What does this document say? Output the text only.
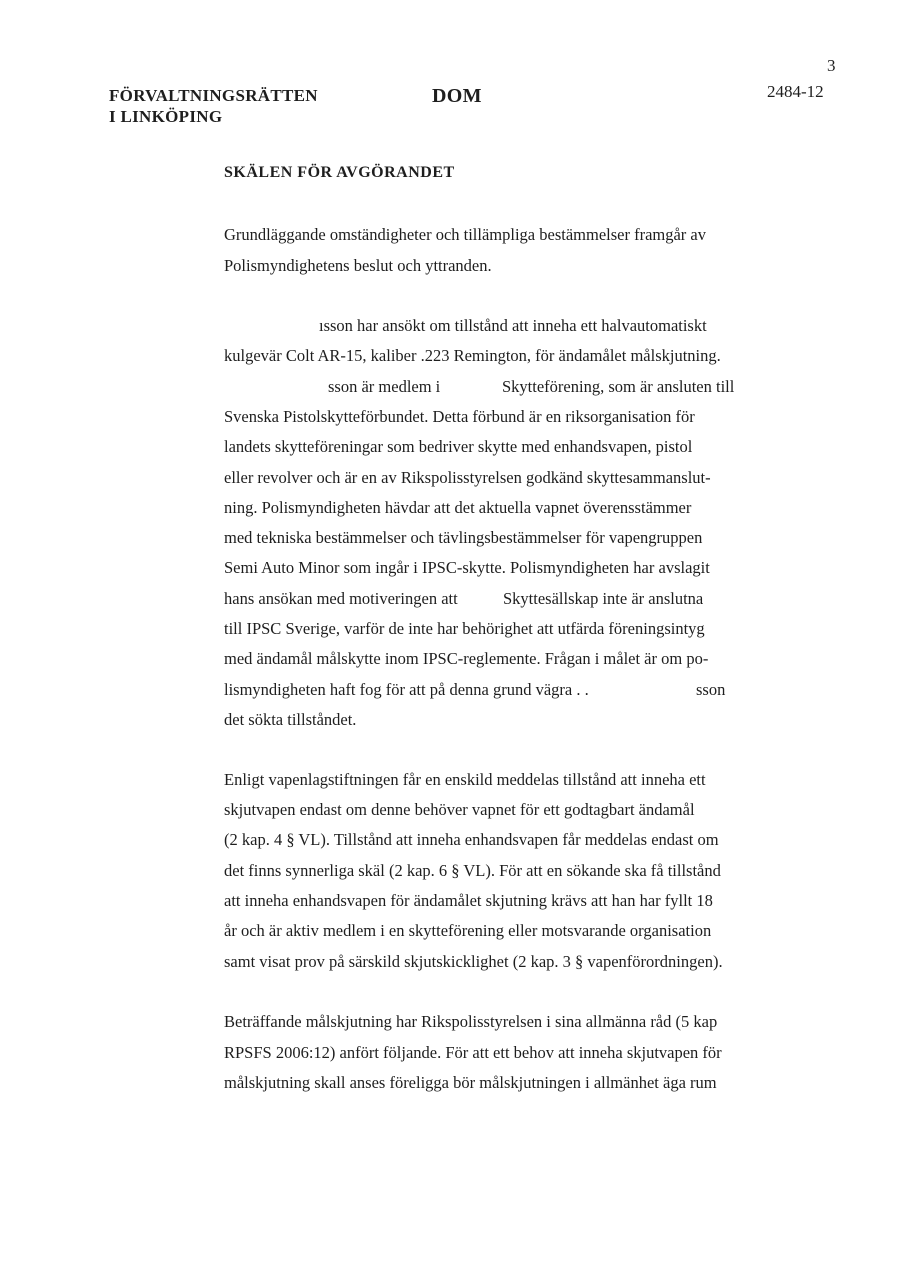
3
FÖRVALTNINGSRÄTTEN
I LINKÖPING
DOM	2484-12
SKÄLEN FÖR AVGÖRANDET
Grundläggande omständigheter och tillämpliga bestämmelser framgår av
Polismyndighetens beslut och yttranden.
ısson har ansökt om tillstånd att inneha ett halvautomatiskt
kulgevär Colt AR-15, kaliber .223 Remington, för ändamålet målskjutning.
sson är medlem i	Skytteförening, som är ansluten till
Svenska Pistolskytteförbundet. Detta förbund är en riksorganisation för
landets skytteföreningar som bedriver skytte med enhandsvapen, pistol
eller revolver och är en av Rikspolisstyrelsen godkänd skyttesammanslut-
ning. Polismyndigheten hävdar att det aktuella vapnet överensstämmer
med tekniska bestämmelser och tävlingsbestämmelser för vapengruppen
Semi Auto Minor som ingår i IPSC-skytte. Polismyndigheten har avslagit
hans ansökan med motiveringen att	Skyttesällskap inte är anslutna
till IPSC Sverige, varför de inte har behörighet att utfärda föreningsintyg
med ändamål målskytte inom IPSC-reglemente. Frågan i målet är om po-
lismyndigheten haft fog för att på denna grund vägra . .	sson
det sökta tillståndet.
Enligt vapenlagstiftningen får en enskild meddelas tillstånd att inneha ett
skjutvapen endast om denne behöver vapnet för ett godtagbart ändamål
(2 kap. 4 § VL). Tillstånd att inneha enhandsvapen får meddelas endast om
det finns synnerliga skäl (2 kap. 6 § VL). För att en sökande ska få tillstånd
att inneha enhandsvapen för ändamålet skjutning krävs att han har fyllt 18
år och är aktiv medlem i en skytteförening eller motsvarande organisation
samt visat prov på särskild skjutskicklighet (2 kap. 3 § vapenförordningen).
Beträffande målskjutning har Rikspolisstyrelsen i sina allmänna råd (5 kap
RPSFS 2006:12) anfört följande. För att ett behov att inneha skjutvapen för
målskjutning skall anses föreligga bör målskjutningen i allmänhet äga rum
